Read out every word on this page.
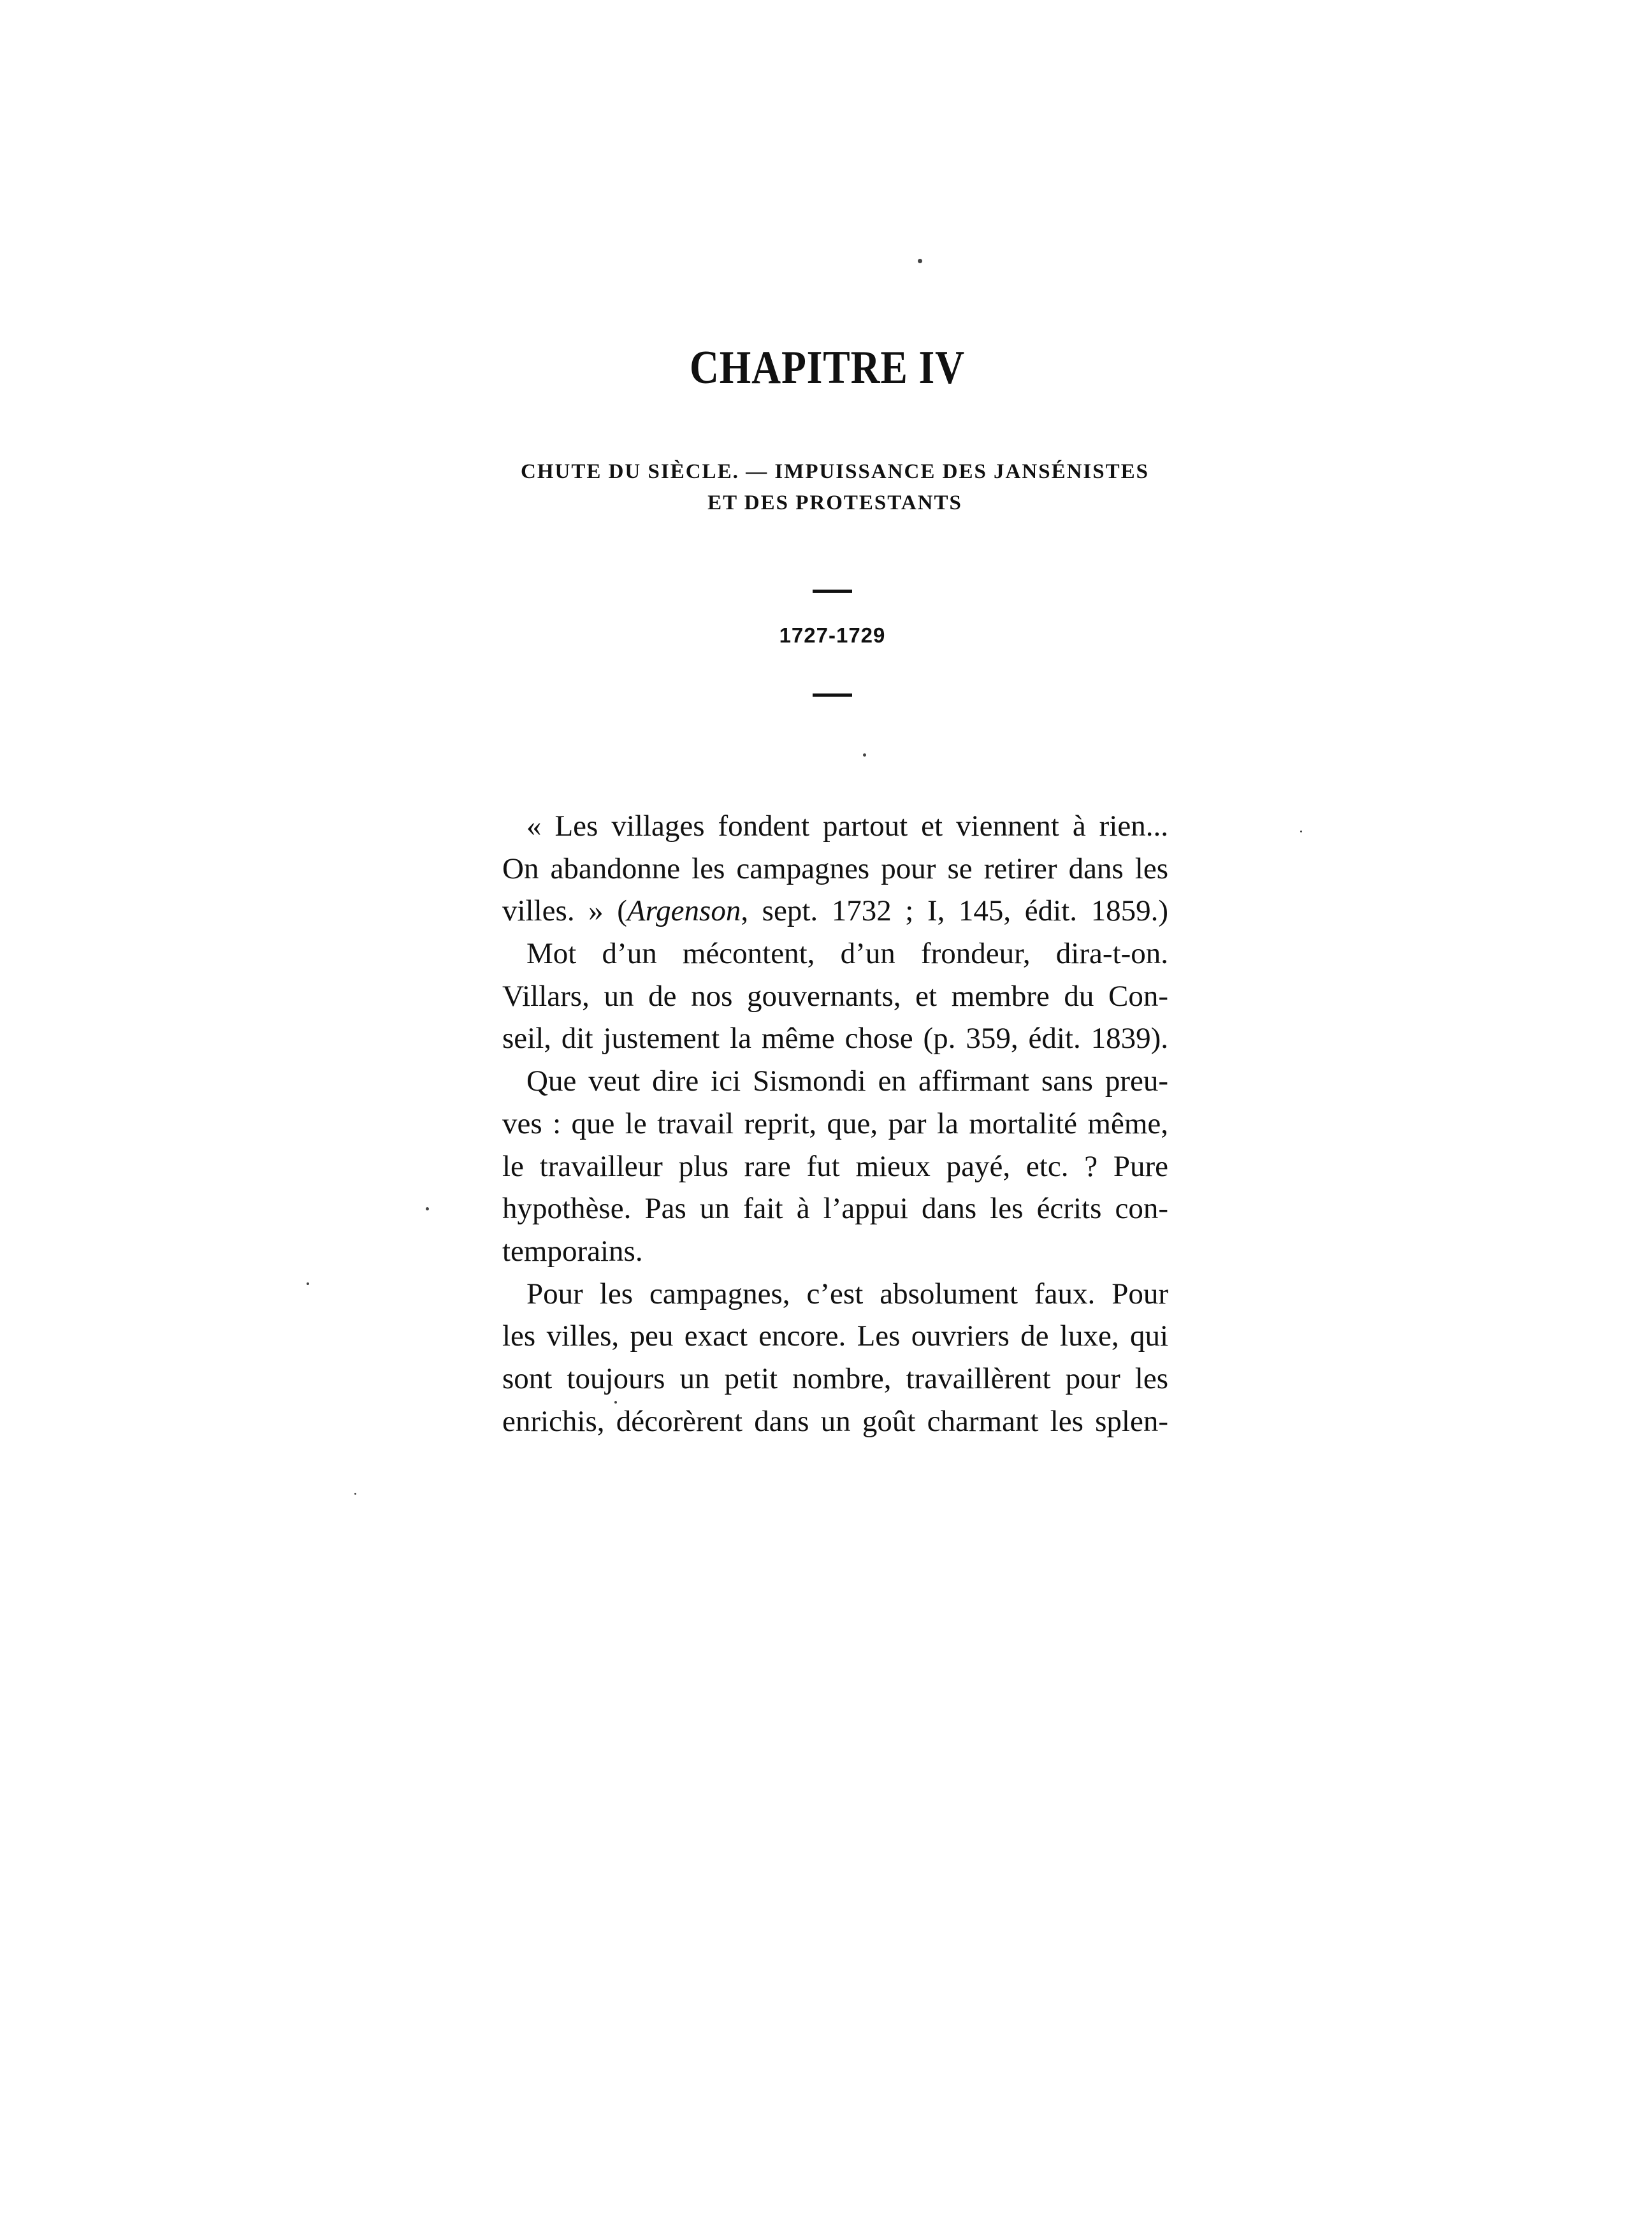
CHAPITRE IV
CHUTE DU SIÈCLE. — IMPUISSANCE DES JANSÉNISTES
ET DES PROTESTANTS
1727-1729
« Les villages fondent partout et viennent à rien...
On abandonne les campagnes pour se retirer dans les
villes. » (Argenson, sept. 1732 ; I, 145, édit. 1859.)
Mot d’un mécontent, d’un frondeur, dira-t-on.
Villars, un de nos gouvernants, et membre du Con-
seil, dit justement la même chose (p. 359, édit. 1839).
Que veut dire ici Sismondi en affirmant sans preu-
ves : que le travail reprit, que, par la mortalité même,
le travailleur plus rare fut mieux payé, etc. ? Pure
hypothèse. Pas un fait à l’appui dans les écrits con-
temporains.
Pour les campagnes, c’est absolument faux. Pour
les villes, peu exact encore. Les ouvriers de luxe, qui
sont toujours un petit nombre, travaillèrent pour les
enrichis, décorèrent dans un goût charmant les splen-
